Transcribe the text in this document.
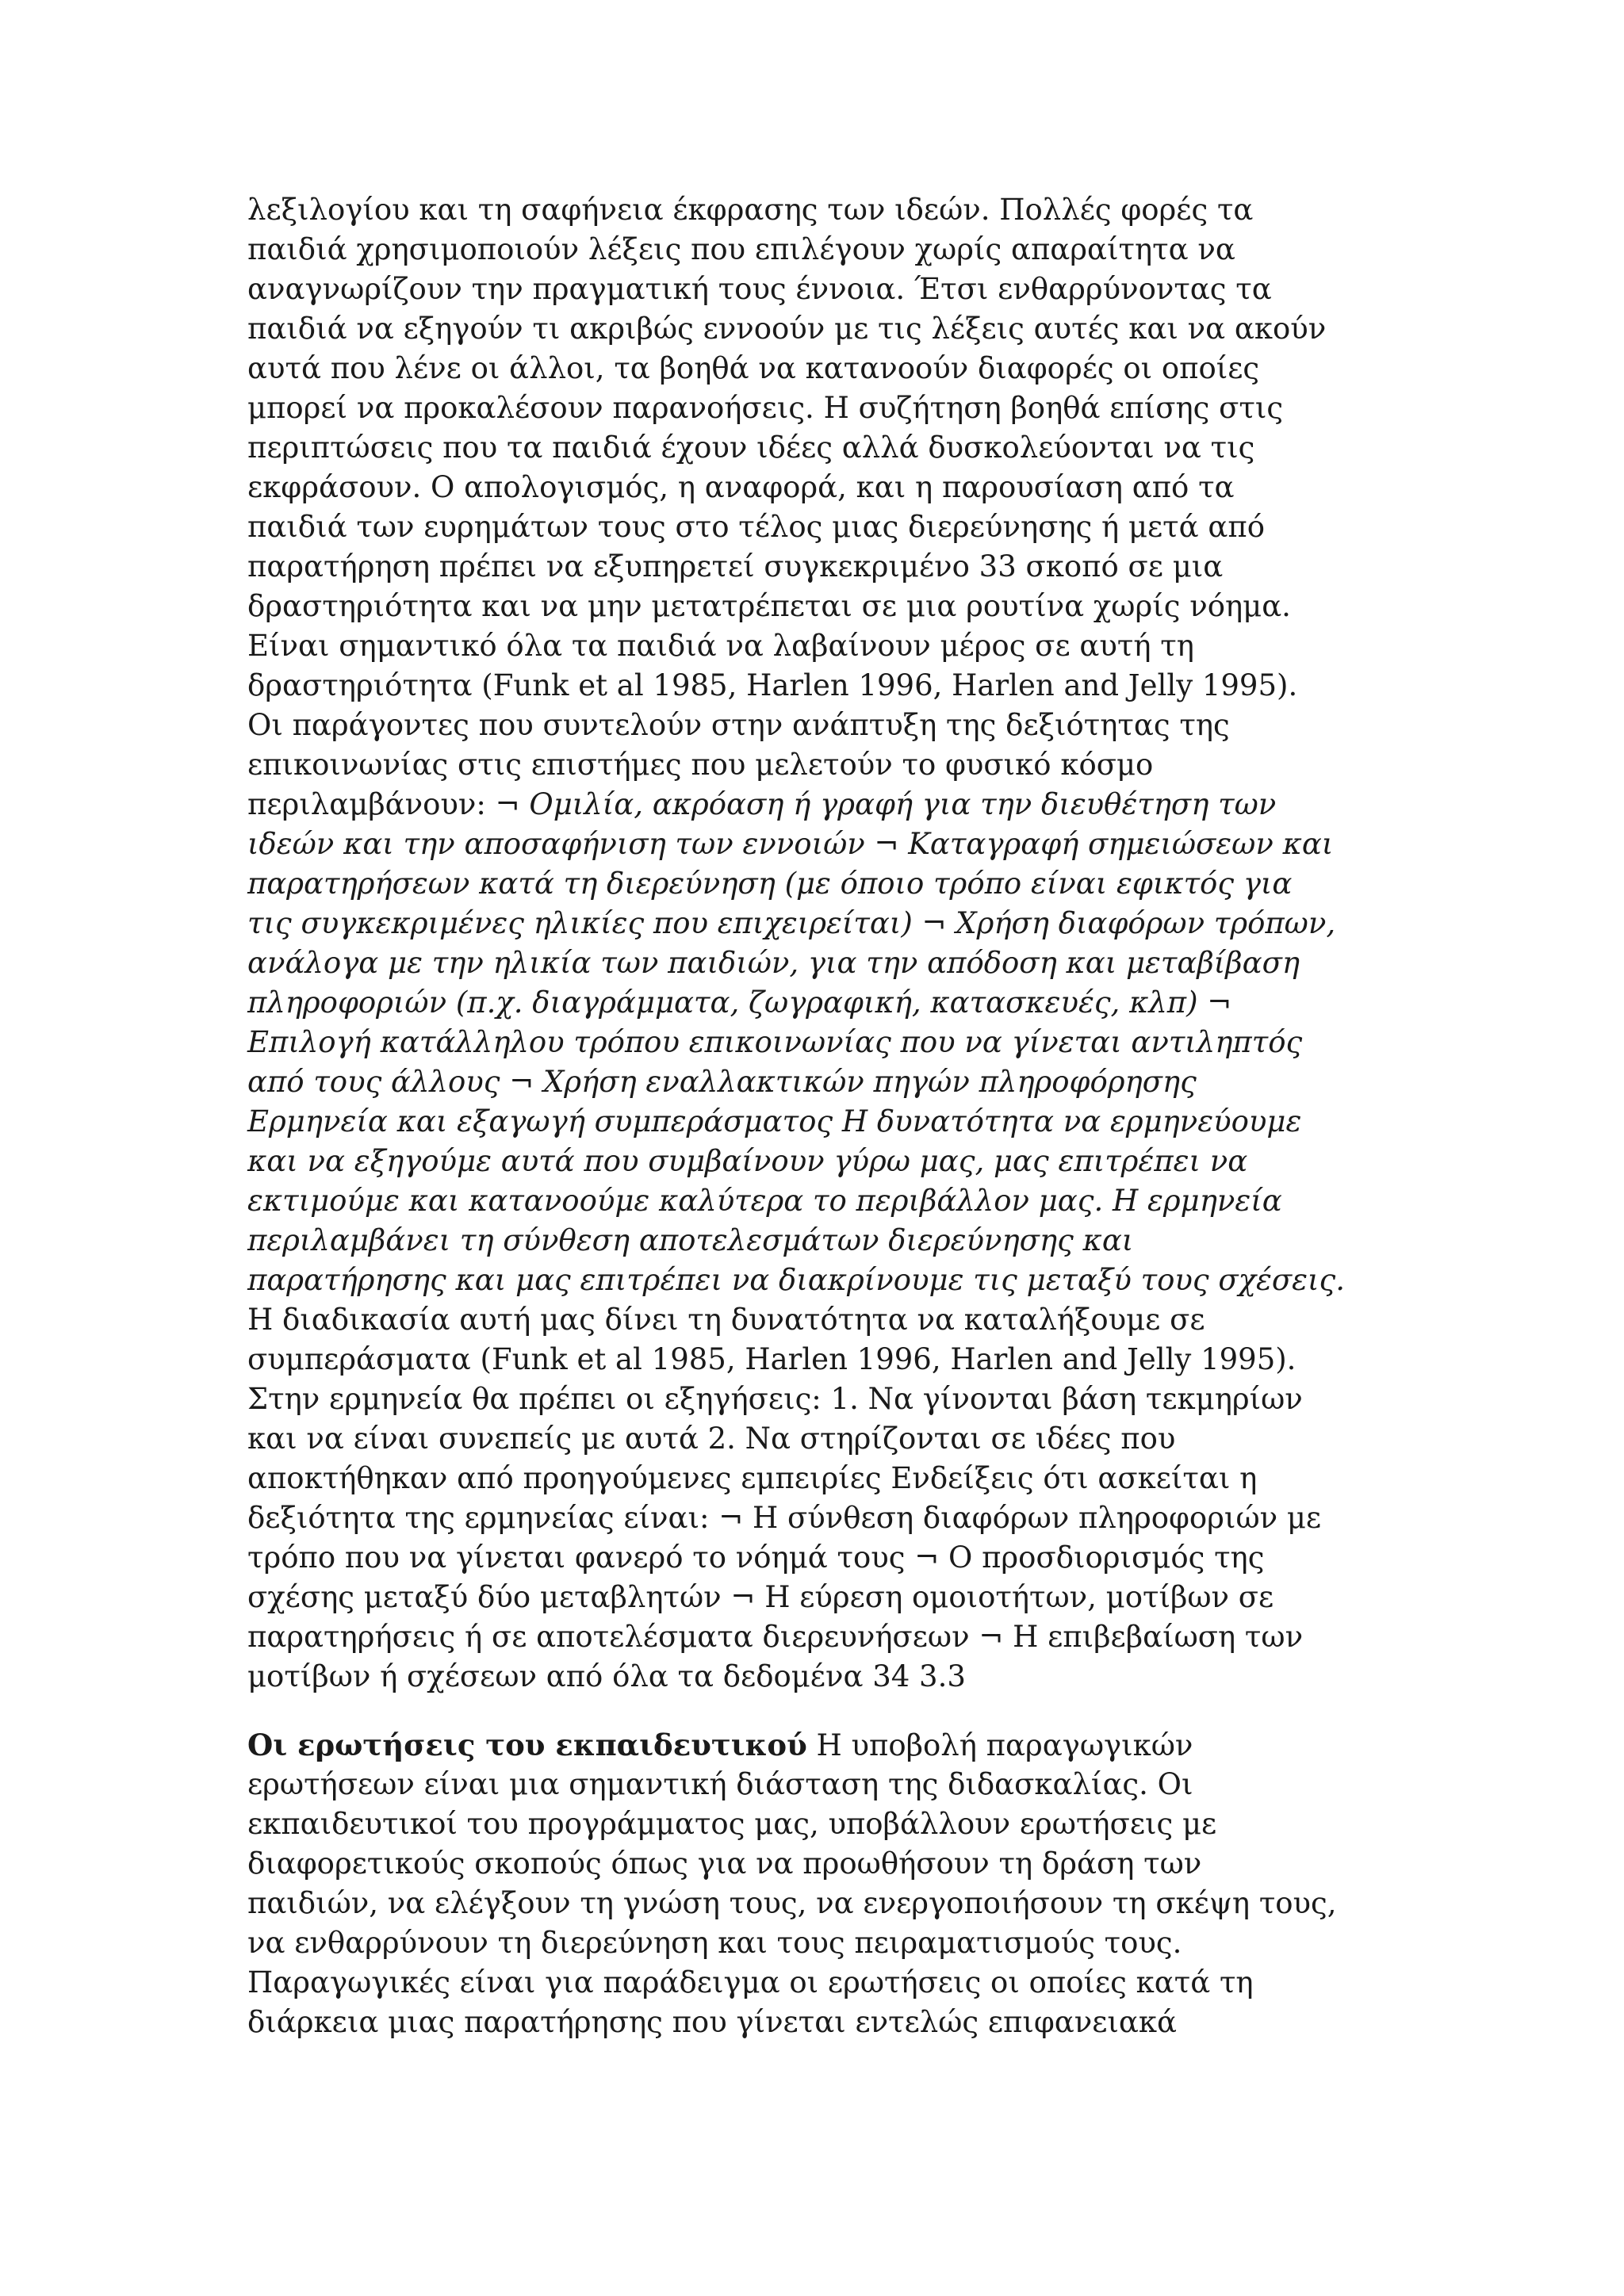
λεξιλογίου και τη σαφήνεια έκφρασης των ιδεών. Πολλές φορές τα
παιδιά χρησιμοποιούν λέξεις που επιλέγουν χωρίς απαραίτητα να
αναγνωρίζουν την πραγματική τους έννοια. Έτσι ενθαρρύνοντας τα
παιδιά να εξηγούν τι ακριβώς εννοούν με τις λέξεις αυτές και να ακούν
αυτά που λένε οι άλλοι, τα βοηθά να κατανοούν διαφορές οι οποίες
μπορεί να προκαλέσουν παρανοήσεις. Η συζήτηση βοηθά επίσης στις
περιπτώσεις που τα παιδιά έχουν ιδέες αλλά δυσκολεύονται να τις
εκφράσουν. Ο απολογισμός, η αναφορά, και η παρουσίαση από τα
παιδιά των ευρημάτων τους στο τέλος μιας διερεύνησης ή μετά από
παρατήρηση πρέπει να εξυπηρετεί συγκεκριμένο 33 σκοπό σε μια
δραστηριότητα και να μην μετατρέπεται σε μια ρουτίνα χωρίς νόημα.
Είναι σημαντικό όλα τα παιδιά να λαβαίνουν μέρος σε αυτή τη
δραστηριότητα (Funk et al 1985, Harlen 1996, Harlen and Jelly 1995).
Οι παράγοντες που συντελούν στην ανάπτυξη της δεξιότητας της
επικοινωνίας στις επιστήμες που μελετούν το φυσικό κόσμο
περιλαμβάνουν: ¬ Ομιλία, ακρόαση ή γραφή για την διευθέτηση των
ιδεών και την αποσαφήνιση των εννοιών ¬ Καταγραφή σημειώσεων και
παρατηρήσεων κατά τη διερεύνηση (με όποιο τρόπο είναι εφικτός για
τις συγκεκριμένες ηλικίες που επιχειρείται) ¬ Χρήση διαφόρων τρόπων,
ανάλογα με την ηλικία των παιδιών, για την απόδοση και μεταβίβαση
πληροφοριών (π.χ. διαγράμματα, ζωγραφική, κατασκευές, κλπ) ¬
Επιλογή κατάλληλου τρόπου επικοινωνίας που να γίνεται αντιληπτός
από τους άλλους ¬ Χρήση εναλλακτικών πηγών πληροφόρησης
Ερμηνεία και εξαγωγή συμπεράσματος Η δυνατότητα να ερμηνεύουμε
και να εξηγούμε αυτά που συμβαίνουν γύρω μας, μας επιτρέπει να
εκτιμούμε και κατανοούμε καλύτερα το περιβάλλον μας. Η ερμηνεία
περιλαμβάνει τη σύνθεση αποτελεσμάτων διερεύνησης και
παρατήρησης και μας επιτρέπει να διακρίνουμε τις μεταξύ τους σχέσεις.
Η διαδικασία αυτή μας δίνει τη δυνατότητα να καταλήξουμε σε
συμπεράσματα (Funk et al 1985, Harlen 1996, Harlen and Jelly 1995).
Στην ερμηνεία θα πρέπει οι εξηγήσεις: 1. Να γίνονται βάση τεκμηρίων
και να είναι συνεπείς με αυτά 2. Να στηρίζονται σε ιδέες που
αποκτήθηκαν από προηγούμενες εμπειρίες Ενδείξεις ότι ασκείται η
δεξιότητα της ερμηνείας είναι: ¬ Η σύνθεση διαφόρων πληροφοριών με
τρόπο που να γίνεται φανερό το νόημά τους ¬ Ο προσδιορισμός της
σχέσης μεταξύ δύο μεταβλητών ¬ Η εύρεση ομοιοτήτων, μοτίβων σε
παρατηρήσεις ή σε αποτελέσματα διερευνήσεων ¬ Η επιβεβαίωση των
μοτίβων ή σχέσεων από όλα τα δεδομένα 34 3.3
Οι ερωτήσεις του εκπαιδευτικού Η υποβολή παραγωγικών
ερωτήσεων είναι μια σημαντική διάσταση της διδασκαλίας. Οι
εκπαιδευτικοί του προγράμματος μας, υποβάλλουν ερωτήσεις με
διαφορετικούς σκοπούς όπως για να προωθήσουν τη δράση των
παιδιών, να ελέγξουν τη γνώση τους, να ενεργοποιήσουν τη σκέψη τους,
να ενθαρρύνουν τη διερεύνηση και τους πειραματισμούς τους.
Παραγωγικές είναι για παράδειγμα οι ερωτήσεις οι οποίες κατά τη
διάρκεια μιας παρατήρησης που γίνεται εντελώς επιφανειακά
